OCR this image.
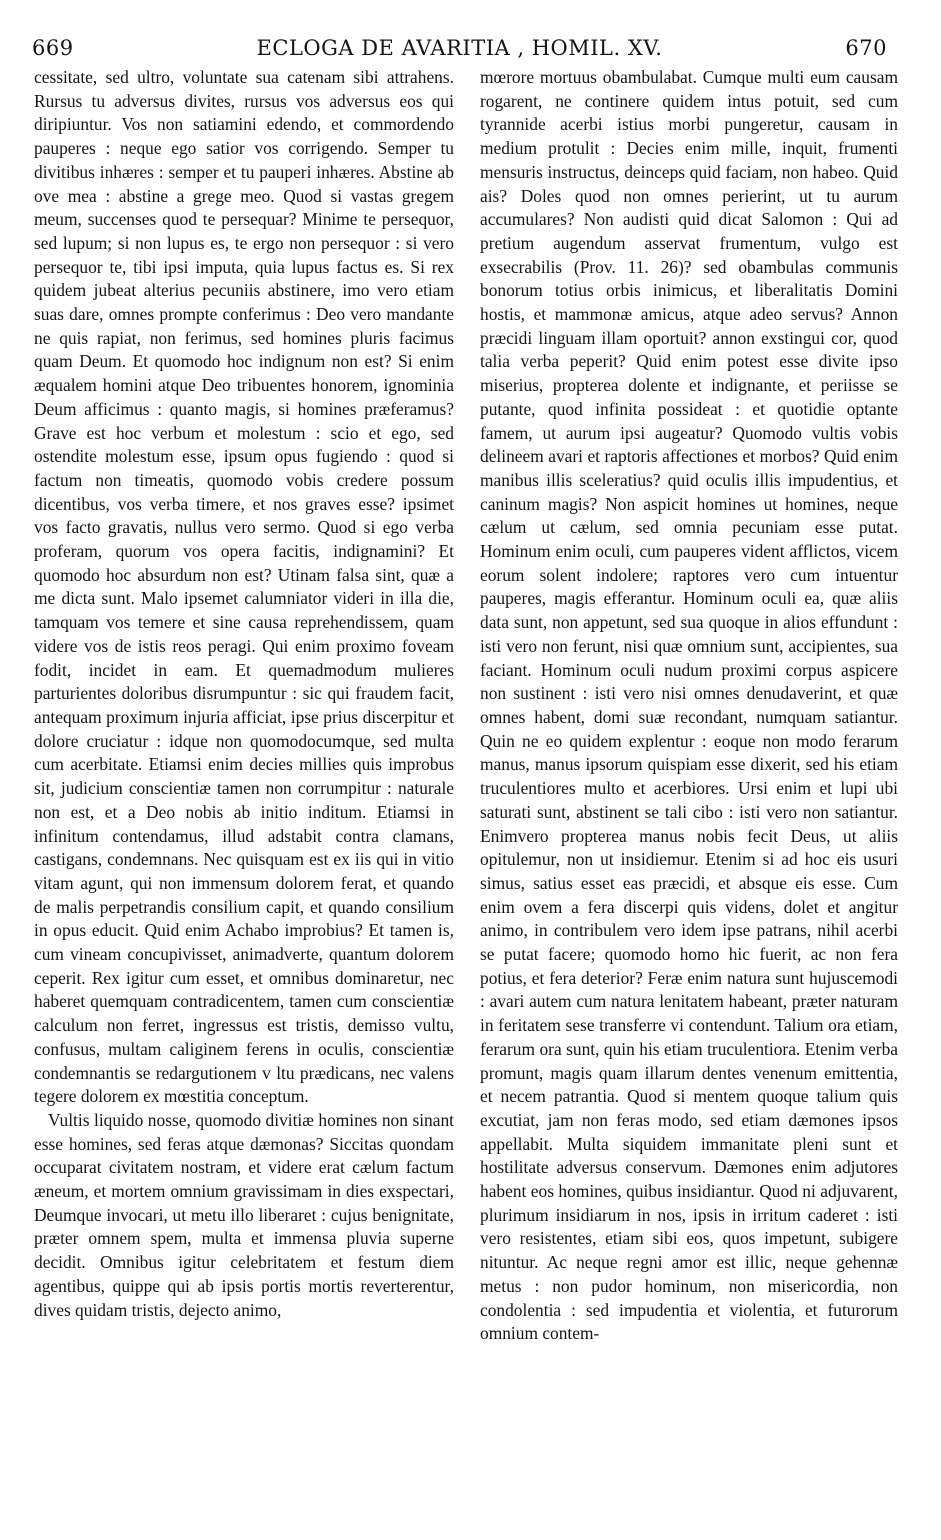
669	ECLOGA DE AVARITIA , HOMIL. XV.	670

cessitate, sed ultro, voluntate sua catenam sibi attrahens. Rursus tu adversus divites, rursus vos adversus eos qui diripiuntur. Vos non satiamini edendo, et commordendo pauperes : neque ego satior vos corrigendo. Semper tu divitibus inhæres : semper et tu pauperi inhæres. Abstine ab ove mea : abstine a grege meo. Quod si vastas gregem meum, succenses quod te persequar? Minime te persequor, sed lupum; si non lupus es, te ergo non persequor : si vero persequor te, tibi ipsi imputa, quia lupus factus es. Si rex quidem jubeat alterius pecuniis abstinere, imo vero etiam suas dare, omnes prompte conferimus : Deo vero mandante ne quis rapiat, non ferimus, sed homines pluris facimus quam Deum. Et quomodo hoc indignum non est? Si enim æqualem homini atque Deo tribuentes honorem, ignominia Deum afficimus : quanto magis, si homines præferamus? Grave est hoc verbum et molestum : scio et ego, sed ostendite molestum esse, ipsum opus fugiendo : quod si factum non timeatis, quomodo vobis credere possum dicentibus, vos verba timere, et nos graves esse? ipsimet vos facto gravatis, nullus vero sermo. Quod si ego verba proferam, quorum vos opera facitis, indignamini? Et quomodo hoc absurdum non est? Utinam falsa sint, quæ a me dicta sunt. Malo ipsemet calumniator videri in illa die, tamquam vos temere et sine causa reprehendissem, quam videre vos de istis reos peragi. Qui enim proximo foveam fodit, incidet in eam. Et quemadmodum mulieres parturientes doloribus disrumpuntur : sic qui fraudem facit, antequam proximum injuria afficiat, ipse prius discerpitur et dolore cruciatur : idque non quomodocumque, sed multa cum acerbitate. Etiamsi enim decies millies quis improbus sit, judicium conscientiæ tamen non corrumpitur : naturale non est, et a Deo nobis ab initio inditum. Etiamsi in infinitum contendamus, illud adstabit contra clamans, castigans, condemnans. Nec quisquam est ex iis qui in vitio vitam agunt, qui non immensum dolorem ferat, et quando de malis perpetrandis consilium capit, et quando consilium in opus educit. Quid enim Achabo improbius? Et tamen is, cum vineam concupivisset, animadverte, quantum dolorem ceperit. Rex igitur cum esset, et omnibus dominaretur, nec haberet quemquam contradicentem, tamen cum conscientiæ calculum non ferret, ingressus est tristis, demisso vultu, confusus, multam caliginem ferens in oculis, conscientiæ condemnantis se redargutionem v ltu prædicans, nec valens tegere dolorem ex mœstitia conceptum.

Vultis liquido nosse, quomodo divitiæ homines non sinant esse homines, sed feras atque dæmonas? Siccitas quondam occuparat civitatem nostram, et videre erat cælum factum æneum, et mortem omnium gravissimam in dies exspectari, Deumque invocari, ut metu illo liberaret : cujus benignitate, præter omnem spem, multa et immensa pluvia superne decidit. Omnibus igitur celebritatem et festum diem agentibus, quippe qui ab ipsis portis mortis reverterentur, dives quidam tristis, dejecto animo,

mœrore mortuus obambulabat. Cumque multi eum causam rogarent, ne continere quidem intus potuit, sed cum tyrannide acerbi istius morbi pungeretur, causam in medium protulit : Decies enim mille, inquit, frumenti mensuris instructus, deinceps quid faciam, non habeo. Quid ais? Doles quod non omnes perierint, ut tu aurum accumulares? Non audisti quid dicat Salomon : Qui ad pretium augendum asservat frumentum, vulgo est exsecrabilis (Prov. 11. 26)? sed obambulas communis bonorum totius orbis inimicus, et liberalitatis Domini hostis, et mammonæ amicus, atque adeo servus? Annon præcidi linguam illam oportuit? annon exstingui cor, quod talia verba peperit? Quid enim potest esse divite ipso miserius, propterea dolente et indignante, et periisse se putante, quod infinita possideat : et quotidie optante famem, ut aurum ipsi augeatur? Quomodo vultis vobis delineem avari et raptoris affectiones et morbos? Quid enim manibus illis sceleratius? quid oculis illis impudentius, et caninum magis? Non aspicit homines ut homines, neque cælum ut cælum, sed omnia pecuniam esse putat. Hominum enim oculi, cum pauperes vident afflictos, vicem eorum solent indolere; raptores vero cum intuentur pauperes, magis efferantur. Hominum oculi ea, quæ aliis data sunt, non appetunt, sed sua quoque in alios effundunt : isti vero non ferunt, nisi quæ omnium sunt, accipientes, sua faciant. Hominum oculi nudum proximi corpus aspicere non sustinent : isti vero nisi omnes denudaverint, et quæ omnes habent, domi suæ recondant, numquam satiantur. Quin ne eo quidem explentur : eoque non modo ferarum manus, manus ipsorum quispiam esse dixerit, sed his etiam truculentiores multo et acerbiores. Ursi enim et lupi ubi saturati sunt, abstinent se tali cibo : isti vero non satiantur. Enimvero propterea manus nobis fecit Deus, ut aliis opitulemur, non ut insidiemur. Etenim si ad hoc eis usuri simus, satius esset eas præcidi, et absque eis esse. Cum enim ovem a fera discerpi quis videns, dolet et angitur animo, in contribulem vero idem ipse patrans, nihil acerbi se putat facere; quomodo homo hic fuerit, ac non fera potius, et fera deterior? Feræ enim natura sunt hujuscemodi : avari autem cum natura lenitatem habeant, præter naturam in feritatem sese transferre vi contendunt. Talium ora etiam, ferarum ora sunt, quin his etiam truculentiora. Etenim verba promunt, magis quam illarum dentes venenum emittentia, et necem patrantia. Quod si mentem quoque talium quis excutiat, jam non feras modo, sed etiam dæmones ipsos appellabit. Multa siquidem immanitate pleni sunt et hostilitate adversus conservum. Dæmones enim adjutores habent eos homines, quibus insidiantur. Quod ni adjuvarent, plurimum insidiarum in nos, ipsis in irritum caderet : isti vero resistentes, etiam sibi eos, quos impetunt, subigere nituntur. Ac neque regni amor est illic, neque gehennæ metus : non pudor hominum, non misericordia, non condolentia : sed impudentia et violentia, et futurorum omnium contem-
